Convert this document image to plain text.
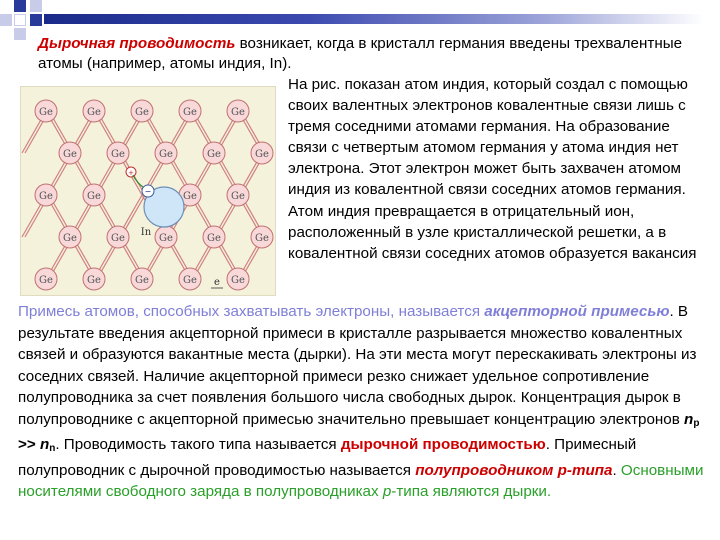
Дырочная проводимость возникает, когда в кристалл германия введены трехвалентные атомы (например, атомы индия, In).
Ge	Ge	Ge	Ge	Ge
Ge	Ge	Ge	Ge	Ge
Ge	Ge	Ge	Ge
Ge	Ge	Ge	Ge	Ge
Ge	Ge	Ge	Ge	Ge
−
In
+
e
На рис. показан атом индия, который создал с помощью своих валентных электронов ковалентные связи лишь с тремя соседними атомами германия. На образование связи с четвертым атомом германия у атома индия нет электрона. Этот электрон может быть захвачен атомом индия из ковалентной связи соседних атомов германия. Атом индия превращается в отрицательный ион, расположенный в узле кристаллической решетки, а в ковалентной связи соседних атомов образуется вакансия
Примесь атомов, способных захватывать электроны, называется акцепторной примесью. В результате введения акцепторной примеси в кристалле разрывается множество ковалентных связей и образуются вакантные места (дырки). На эти места могут перескакивать электроны из соседних связей. Наличие акцепторной примеси резко снижает удельное сопротивление полупроводника за счет появления большого числа свободных дырок. Концентрация дырок в полупроводнике с акцепторной примесью значительно превышает концентрацию электронов $n_p >> n_n$. Проводимость такого типа называется дырочной проводимостью. Примесный полупроводник с дырочной проводимостью называется полупроводником p-типа. Основными носителями свободного заряда в полупроводниках p-типа являются дырки.
